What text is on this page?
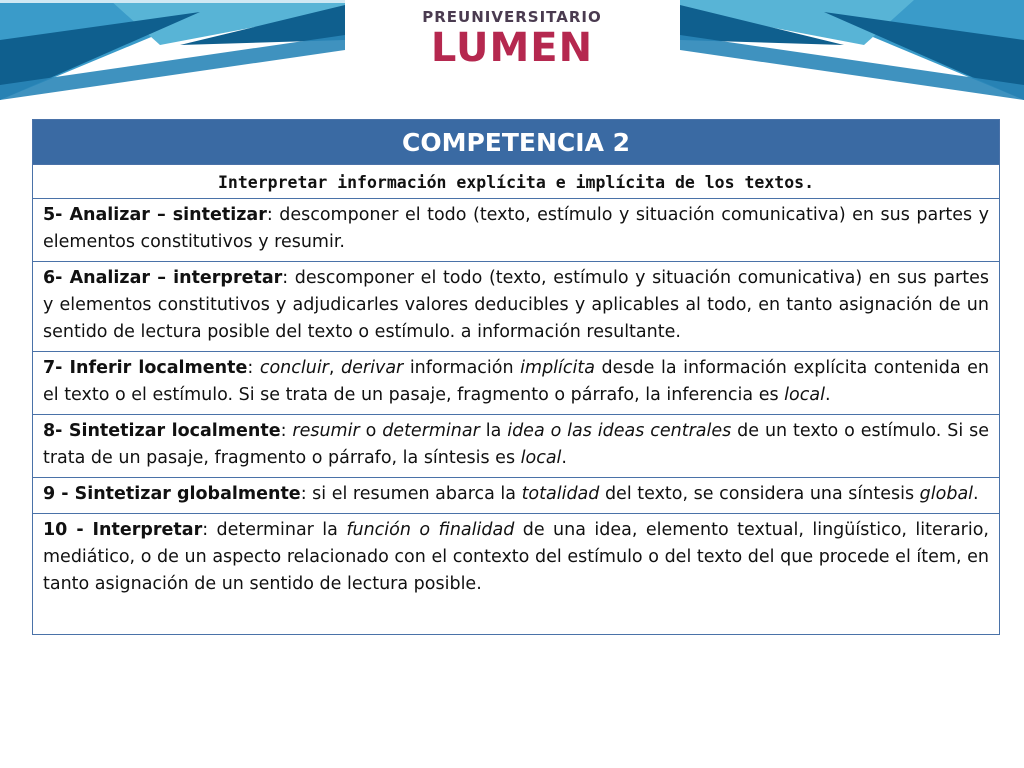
PREUNIVERSITARIO
LUMEN
COMPETENCIA 2
Interpretar información explícita e implícita de los textos.
5- Analizar – sintetizar: descomponer el todo (texto, estímulo y situación comunicativa) en sus partes y elementos constitutivos y resumir.
6- Analizar – interpretar: descomponer el todo (texto, estímulo y situación comunicativa) en sus partes y elementos constitutivos y adjudicarles valores deducibles y aplicables al todo, en tanto asignación de un sentido de lectura posible del texto o estímulo. a información resultante.
7- Inferir localmente: concluir, derivar información implícita desde la información explícita contenida en el texto o el estímulo. Si se trata de un pasaje, fragmento o párrafo, la inferencia es local.
8- Sintetizar localmente: resumir o determinar la idea o las ideas centrales de un texto o estímulo. Si se trata de un pasaje, fragmento o párrafo, la síntesis es local.
9 - Sintetizar globalmente: si el resumen abarca la totalidad del texto, se considera una síntesis global.
10 - Interpretar: determinar la función o finalidad de una idea, elemento textual, lingüístico, literario, mediático, o de un aspecto relacionado con el contexto del estímulo o del texto del que procede el ítem, en tanto asignación de un sentido de lectura posible.
